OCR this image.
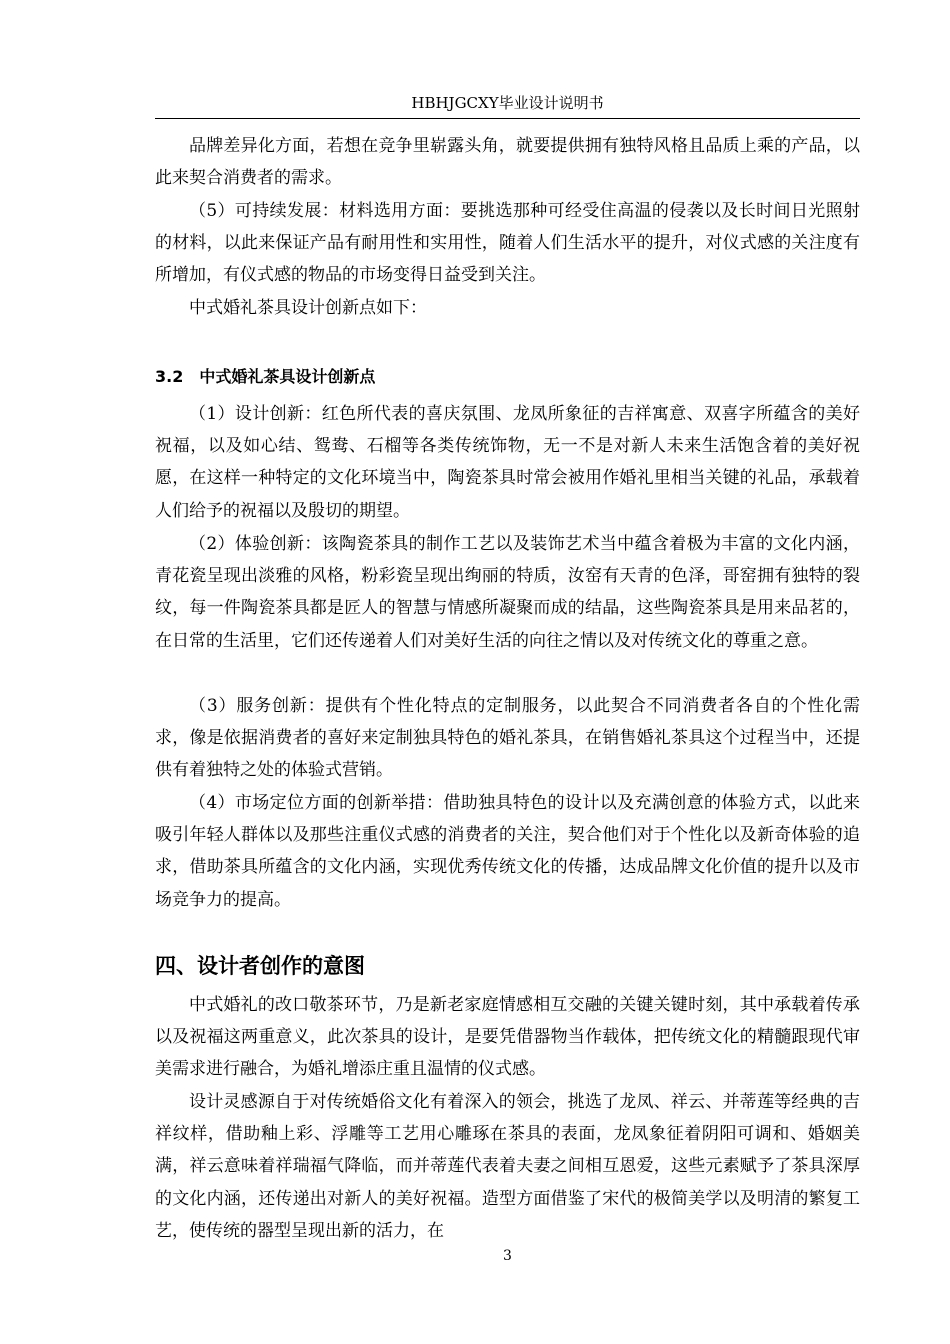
HBHJGCXY毕业设计说明书

品牌差异化方面，若想在竞争里崭露头角，就要提供拥有独特风格且品质上乘的产品，以此来契合消费者的需求。

（5）可持续发展：材料选用方面：要挑选那种可经受住高温的侵袭以及长时间日光照射的材料，以此来保证产品有耐用性和实用性，随着人们生活水平的提升，对仪式感的关注度有所增加，有仪式感的物品的市场变得日益受到关注。

中式婚礼茶具设计创新点如下：

3.2　中式婚礼茶具设计创新点

（1）设计创新：红色所代表的喜庆氛围、龙凤所象征的吉祥寓意、双喜字所蕴含的美好祝福，以及如心结、鸳鸯、石榴等各类传统饰物，无一不是对新人未来生活饱含着的美好祝愿，在这样一种特定的文化环境当中，陶瓷茶具时常会被用作婚礼里相当关键的礼品，承载着人们给予的祝福以及殷切的期望。

（2）体验创新：该陶瓷茶具的制作工艺以及装饰艺术当中蕴含着极为丰富的文化内涵，青花瓷呈现出淡雅的风格，粉彩瓷呈现出绚丽的特质，汝窑有天青的色泽，哥窑拥有独特的裂纹，每一件陶瓷茶具都是匠人的智慧与情感所凝聚而成的结晶，这些陶瓷茶具是用来品茗的，在日常的生活里，它们还传递着人们对美好生活的向往之情以及对传统文化的尊重之意。

（3）服务创新：提供有个性化特点的定制服务，以此契合不同消费者各自的个性化需求，像是依据消费者的喜好来定制独具特色的婚礼茶具，在销售婚礼茶具这个过程当中，还提供有着独特之处的体验式营销。

（4）市场定位方面的创新举措：借助独具特色的设计以及充满创意的体验方式，以此来吸引年轻人群体以及那些注重仪式感的消费者的关注，契合他们对于个性化以及新奇体验的追求，借助茶具所蕴含的文化内涵，实现优秀传统文化的传播，达成品牌文化价值的提升以及市场竞争力的提高。

四、设计者创作的意图

中式婚礼的改口敬茶环节，乃是新老家庭情感相互交融的关键关键时刻，其中承载着传承以及祝福这两重意义，此次茶具的设计，是要凭借器物当作载体，把传统文化的精髓跟现代审美需求进行融合，为婚礼增添庄重且温情的仪式感。

设计灵感源自于对传统婚俗文化有着深入的领会，挑选了龙凤、祥云、并蒂莲等经典的吉祥纹样，借助釉上彩、浮雕等工艺用心雕琢在茶具的表面，龙凤象征着阴阳可调和、婚姻美满，祥云意味着祥瑞福气降临，而并蒂莲代表着夫妻之间相互恩爱，这些元素赋予了茶具深厚的文化内涵，还传递出对新人的美好祝福。造型方面借鉴了宋代的极简美学以及明清的繁复工艺，使传统的器型呈现出新的活力，在

3
